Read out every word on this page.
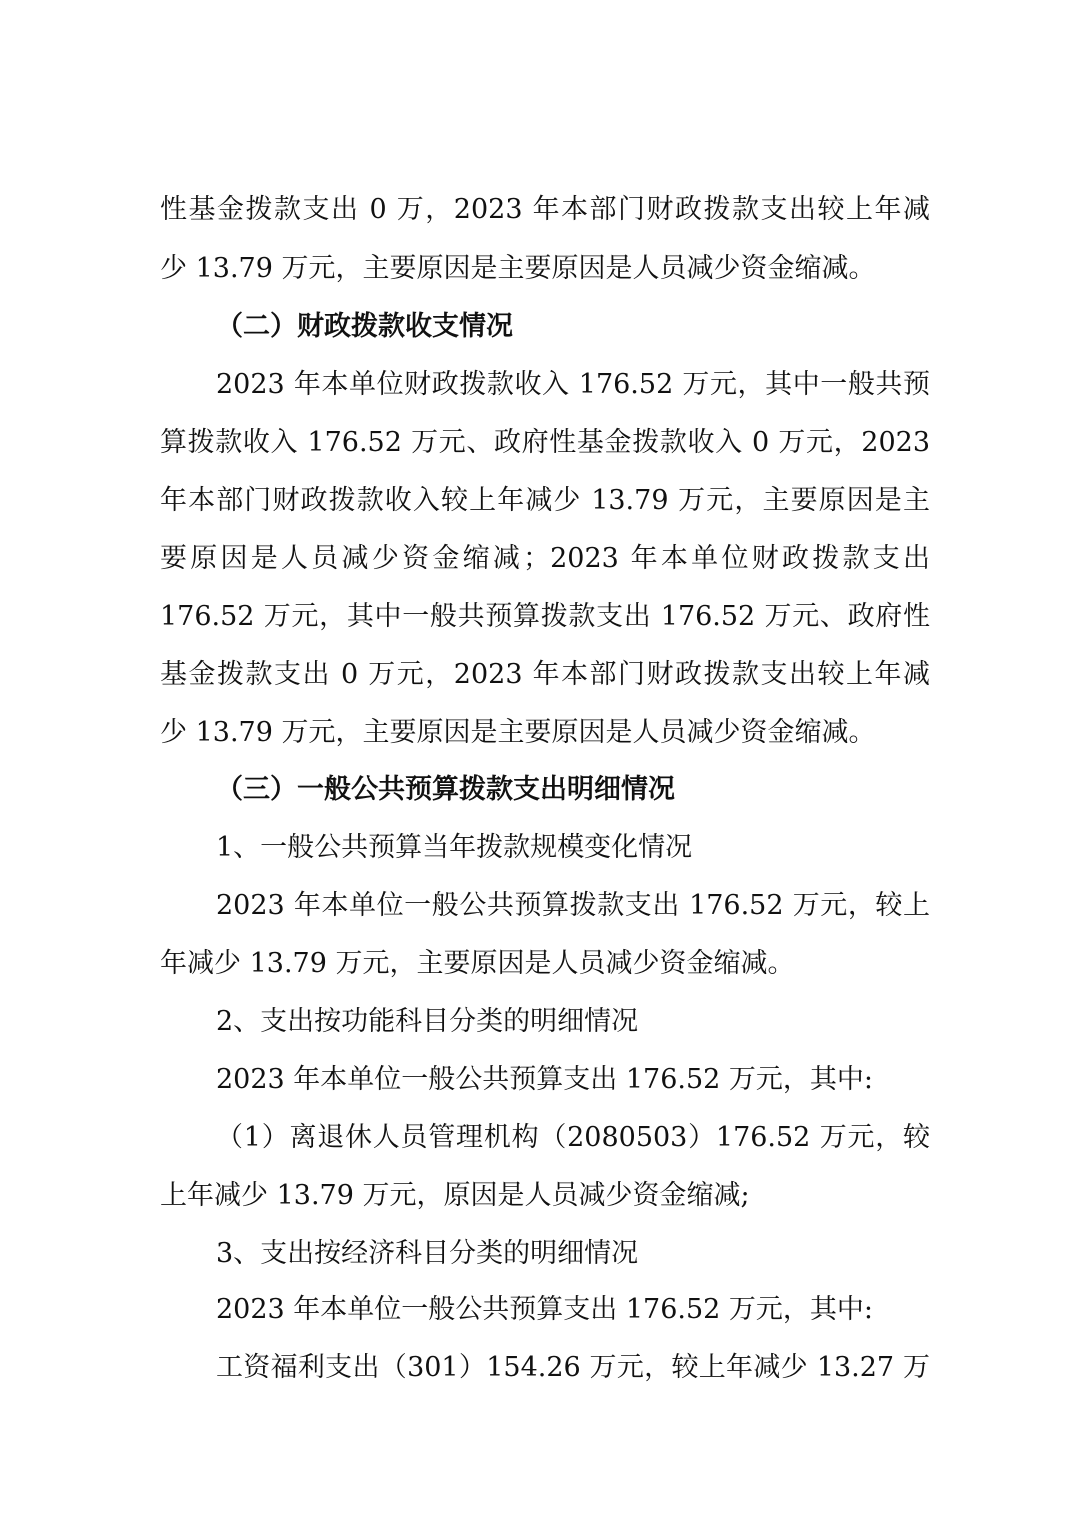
性基金拨款支出 0 万，2023 年本部门财政拨款支出较上年减
少 13.79 万元，主要原因是主要原因是人员减少资金缩减。
（二）财政拨款收支情况
2023 年本单位财政拨款收入 176.52 万元，其中一般共预
算拨款收入 176.52 万元、政府性基金拨款收入 0 万元，2023
年本部门财政拨款收入较上年减少 13.79 万元，主要原因是主
要原因是人员减少资金缩减；2023 年本单位财政拨款支出
176.52 万元，其中一般共预算拨款支出 176.52 万元、政府性
基金拨款支出 0 万元，2023 年本部门财政拨款支出较上年减
少 13.79 万元，主要原因是主要原因是人员减少资金缩减。
（三）一般公共预算拨款支出明细情况
1、一般公共预算当年拨款规模变化情况
2023 年本单位一般公共预算拨款支出 176.52 万元，较上
年减少 13.79 万元，主要原因是人员减少资金缩减。
2、支出按功能科目分类的明细情况
2023 年本单位一般公共预算支出 176.52 万元，其中:
（1）离退休人员管理机构（2080503）176.52 万元，较
上年减少 13.79 万元，原因是人员减少资金缩减;
3、支出按经济科目分类的明细情况
2023 年本单位一般公共预算支出 176.52 万元，其中:
工资福利支出（301）154.26 万元，较上年减少 13.27 万
